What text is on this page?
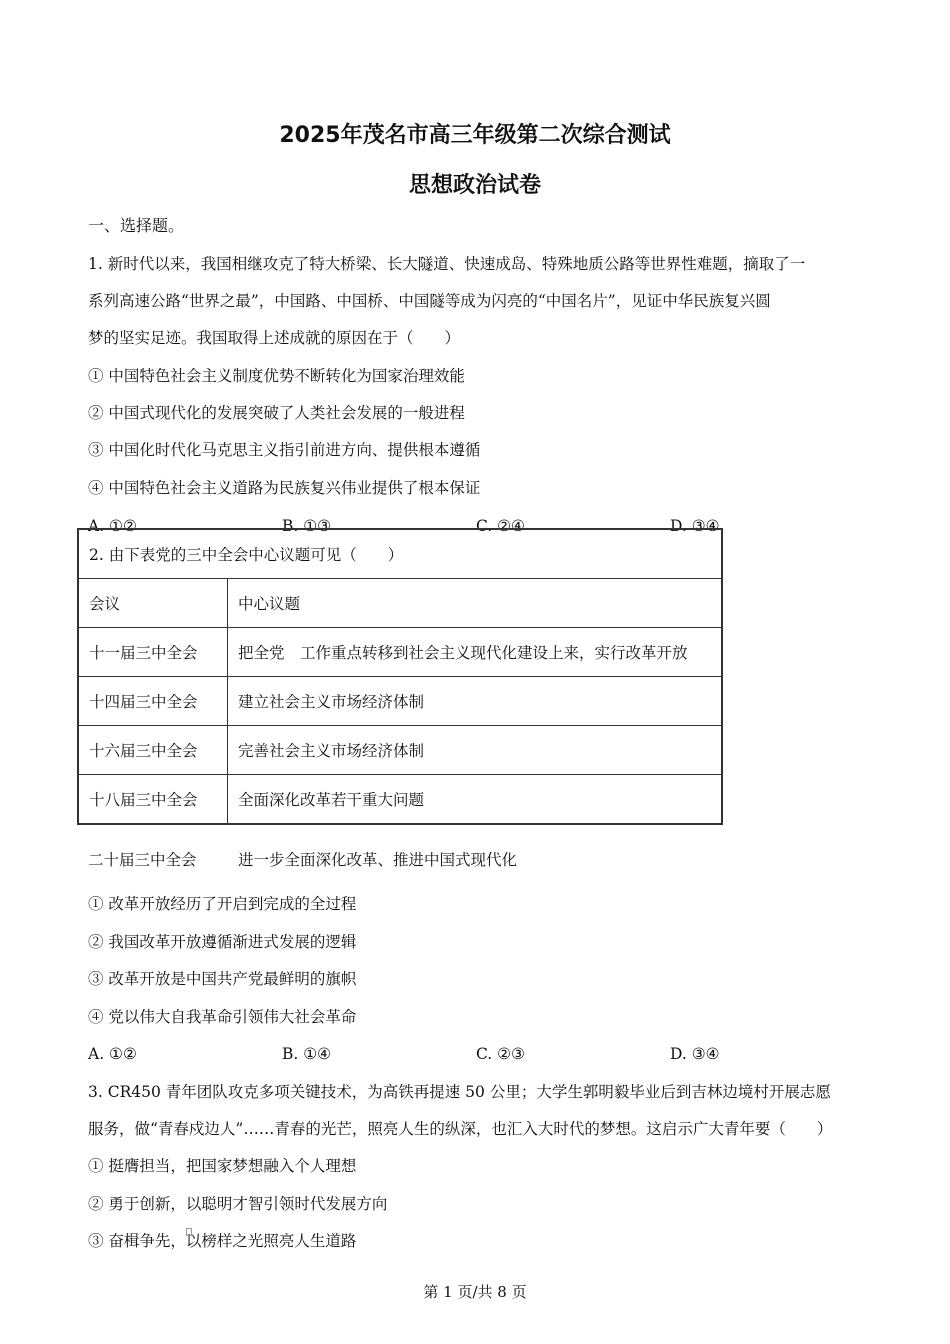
2025年茂名市高三年级第二次综合测试
思想政治试卷
一、选择题。
1. 新时代以来，我国相继攻克了特大桥梁、长大隧道、快速成岛、特殊地质公路等世界性难题，摘取了一
系列高速公路“世界之最”，中国路、中国桥、中国隧等成为闪亮的“中国名片”，见证中华民族复兴圆
梦的坚实足迹。我国取得上述成就的原因在于（　　）
① 中国特色社会主义制度优势不断转化为国家治理效能
② 中国式现代化的发展突破了人类社会发展的一般进程
③ 中国化时代化马克思主义指引前进方向、提供根本遵循
④ 中国特色社会主义道路为民族复兴伟业提供了根本保证
A. ①②	B. ①③	C. ②④	D. ③④
2. 由下表党的三中全会中心议题可见（　　）	
会议	中心议题
十一届三中全会	把全党　工作重点转移到社会主义现代化建设上来，实行改革开放
十四届三中全会	建立社会主义市场经济体制
十六届三中全会	完善社会主义市场经济体制
十八届三中全会	全面深化改革若干重大问题
二十届三中全会	进一步全面深化改革、推进中国式现代化
① 改革开放经历了开启到完成的全过程
② 我国改革开放遵循渐进式发展的逻辑
③ 改革开放是中国共产党最鲜明的旗帜
④ 党以伟大自我革命引领伟大社会革命
A. ①②	B. ①④	C. ②③	D. ③④
3. CR450 青年团队攻克多项关键技术，为高铁再提速 50 公里；大学生郭明毅毕业后到吉林边境村开展志愿
服务，做“青春戍边人”……青春的光芒，照亮人生的纵深，也汇入大时代的梦想。这启示广大青年要（　　）
① 挺膺担当，把国家梦想融入个人理想
② 勇于创新，以聪明才智引领时代发展方向
③ 奋楫争先，以榜样之光照亮人生道路
第 1 页/共 8 页
